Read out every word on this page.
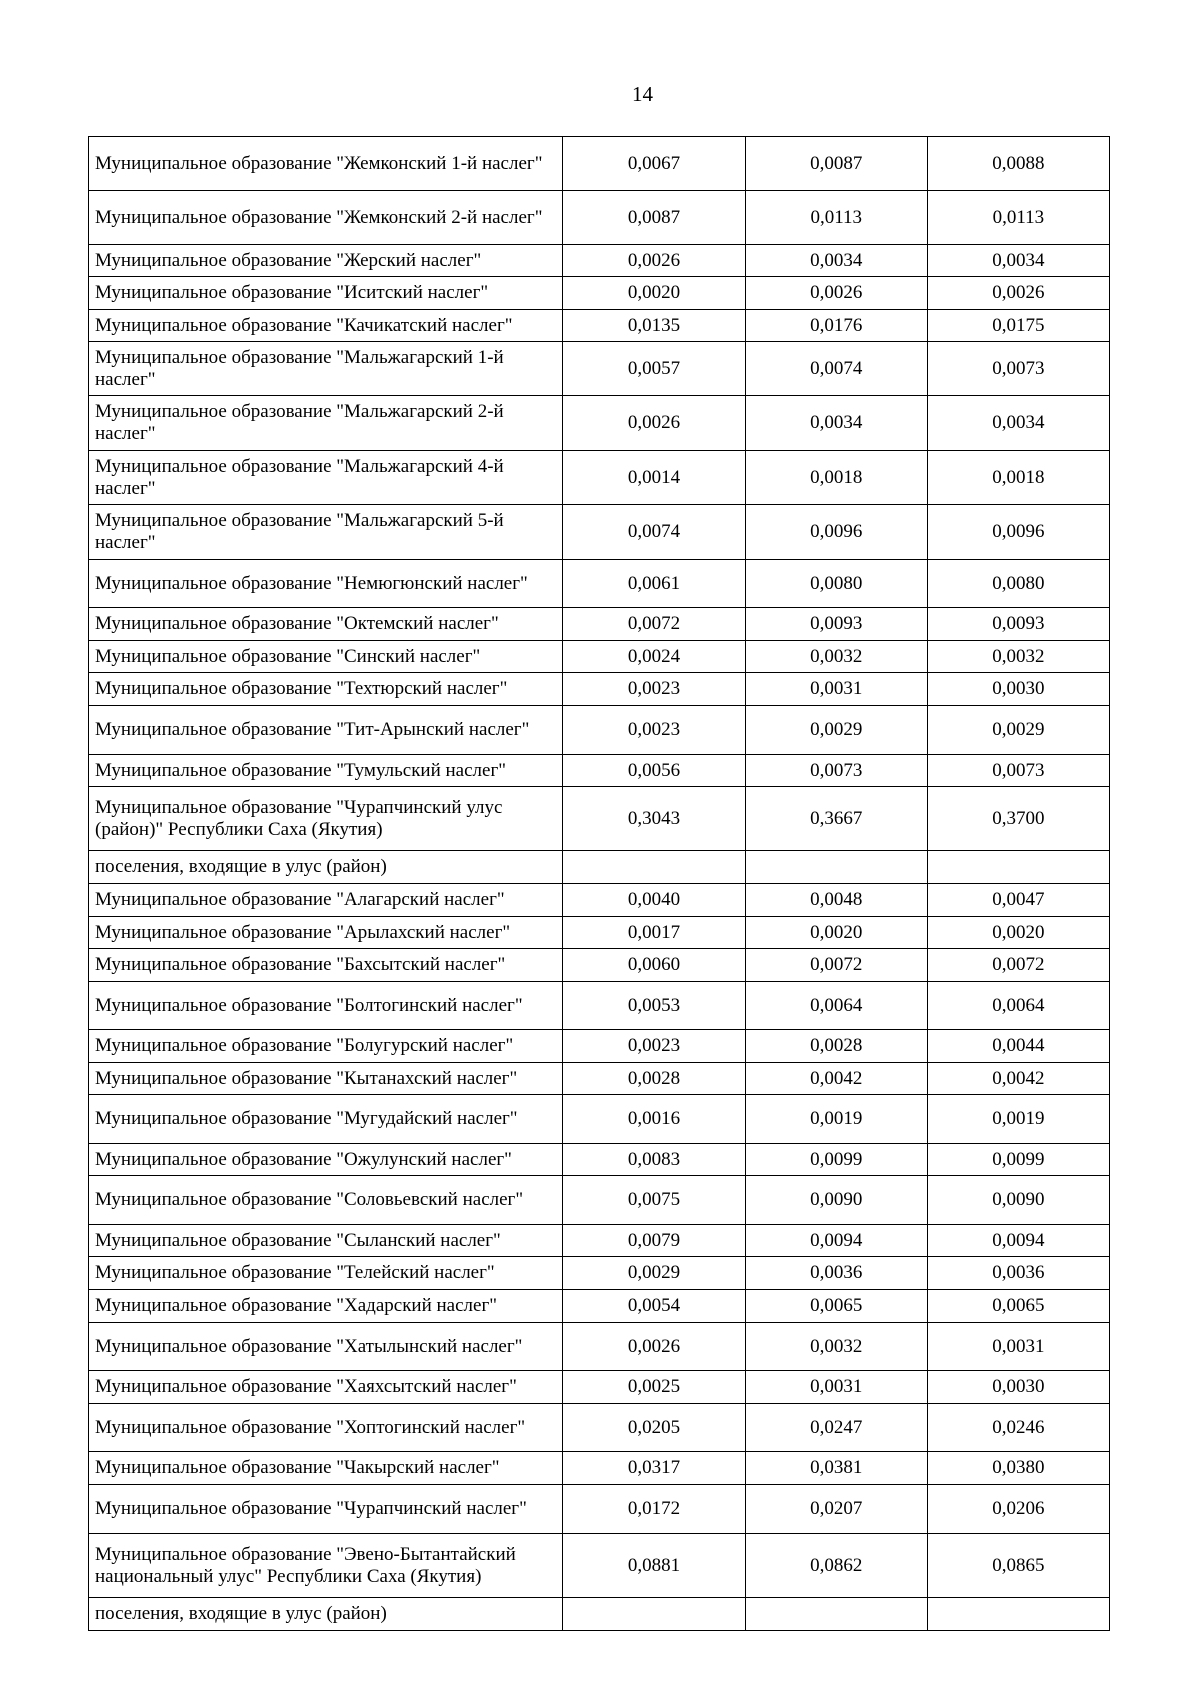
14
Муниципальное образование "Жемконский 1-й наслег"	0,0067	0,0087	0,0088
Муниципальное образование "Жемконский 2-й наслег"	0,0087	0,0113	0,0113
Муниципальное образование "Жерский наслег"	0,0026	0,0034	0,0034
Муниципальное образование "Иситский наслег"	0,0020	0,0026	0,0026
Муниципальное образование "Качикатский наслег"	0,0135	0,0176	0,0175
Муниципальное образование "Мальжагарский 1-й наслег"	0,0057	0,0074	0,0073
Муниципальное образование "Мальжагарский 2-й наслег"	0,0026	0,0034	0,0034
Муниципальное образование "Мальжагарский 4-й наслег"	0,0014	0,0018	0,0018
Муниципальное образование "Мальжагарский 5-й наслег"	0,0074	0,0096	0,0096
Муниципальное образование "Немюгюнский наслег"	0,0061	0,0080	0,0080
Муниципальное образование "Октемский наслег"	0,0072	0,0093	0,0093
Муниципальное образование "Синский наслег"	0,0024	0,0032	0,0032
Муниципальное образование "Техтюрский наслег"	0,0023	0,0031	0,0030
Муниципальное образование "Тит-Арынский наслег"	0,0023	0,0029	0,0029
Муниципальное образование "Тумульский наслег"	0,0056	0,0073	0,0073
Муниципальное образование "Чурапчинский улус (район)" Республики Саха (Якутия)	0,3043	0,3667	0,3700
поселения, входящие в улус (район)			
Муниципальное образование "Алагарский наслег"	0,0040	0,0048	0,0047
Муниципальное образование "Арылахский наслег"	0,0017	0,0020	0,0020
Муниципальное образование "Бахсытский наслег"	0,0060	0,0072	0,0072
Муниципальное образование "Болтогинский наслег"	0,0053	0,0064	0,0064
Муниципальное образование "Болугурский наслег"	0,0023	0,0028	0,0044
Муниципальное образование "Кытанахский наслег"	0,0028	0,0042	0,0042
Муниципальное образование "Мугудайский наслег"	0,0016	0,0019	0,0019
Муниципальное образование "Ожулунский наслег"	0,0083	0,0099	0,0099
Муниципальное образование "Соловьевский наслег"	0,0075	0,0090	0,0090
Муниципальное образование "Сыланский наслег"	0,0079	0,0094	0,0094
Муниципальное образование "Телейский наслег"	0,0029	0,0036	0,0036
Муниципальное образование "Хадарский наслег"	0,0054	0,0065	0,0065
Муниципальное образование "Хатылынский наслег"	0,0026	0,0032	0,0031
Муниципальное образование "Хаяхсытский наслег"	0,0025	0,0031	0,0030
Муниципальное образование "Хоптогинский наслег"	0,0205	0,0247	0,0246
Муниципальное образование "Чакырский наслег"	0,0317	0,0381	0,0380
Муниципальное образование "Чурапчинский наслег"	0,0172	0,0207	0,0206
Муниципальное образование "Эвено-Бытантайский национальный улус" Республики Саха (Якутия)	0,0881	0,0862	0,0865
поселения, входящие в улус (район)			
